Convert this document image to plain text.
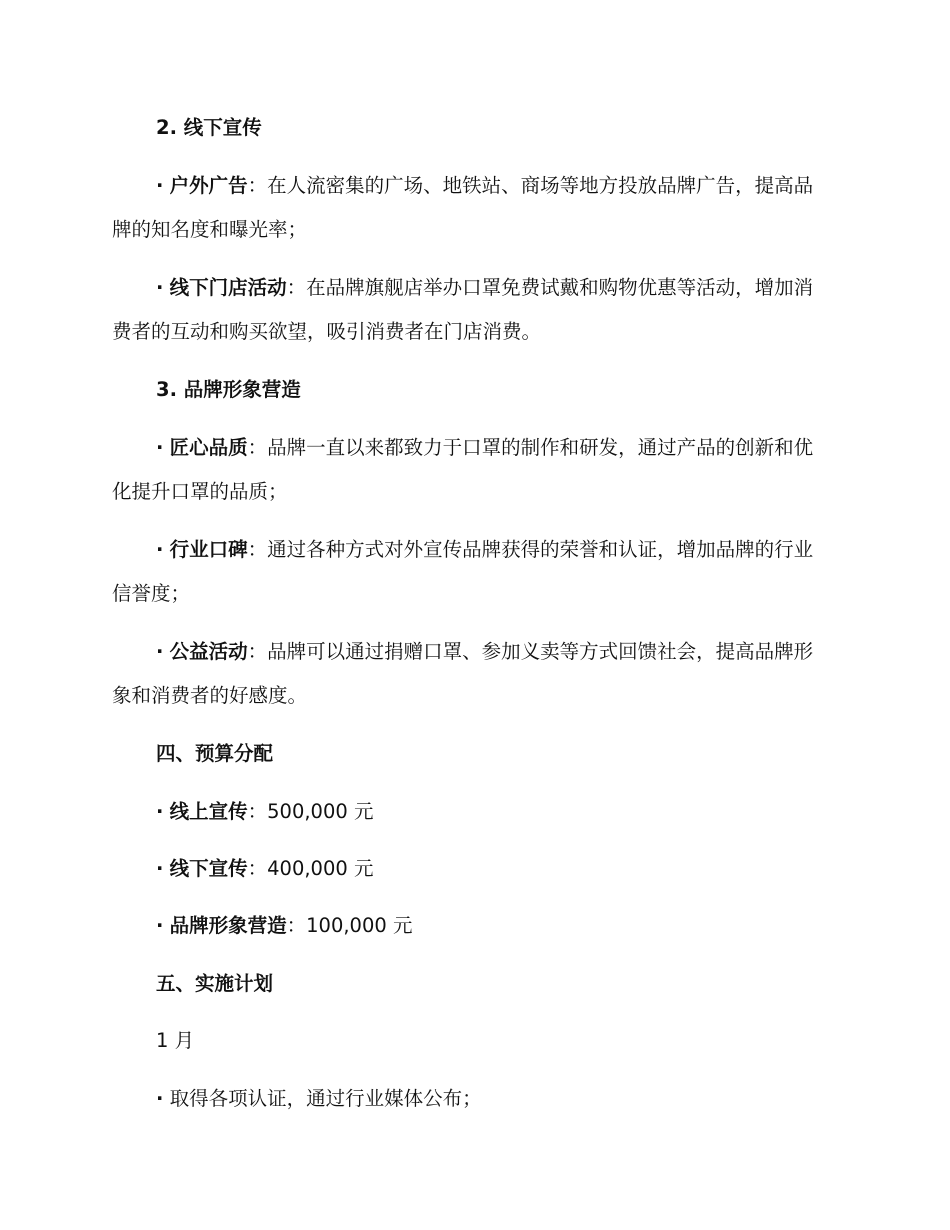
2. 线下宣传
· 户外广告：在人流密集的广场、地铁站、商场等地方投放品牌广告，提高品牌的知名度和曝光率；
· 线下门店活动：在品牌旗舰店举办口罩免费试戴和购物优惠等活动，增加消费者的互动和购买欲望，吸引消费者在门店消费。
3. 品牌形象营造
· 匠心品质：品牌一直以来都致力于口罩的制作和研发，通过产品的创新和优化提升口罩的品质；
· 行业口碑：通过各种方式对外宣传品牌获得的荣誉和认证，增加品牌的行业信誉度；
· 公益活动：品牌可以通过捐赠口罩、参加义卖等方式回馈社会，提高品牌形象和消费者的好感度。
四、预算分配
· 线上宣传：500,000 元
· 线下宣传：400,000 元
· 品牌形象营造：100,000 元
五、实施计划
1 月
· 取得各项认证，通过行业媒体公布；
